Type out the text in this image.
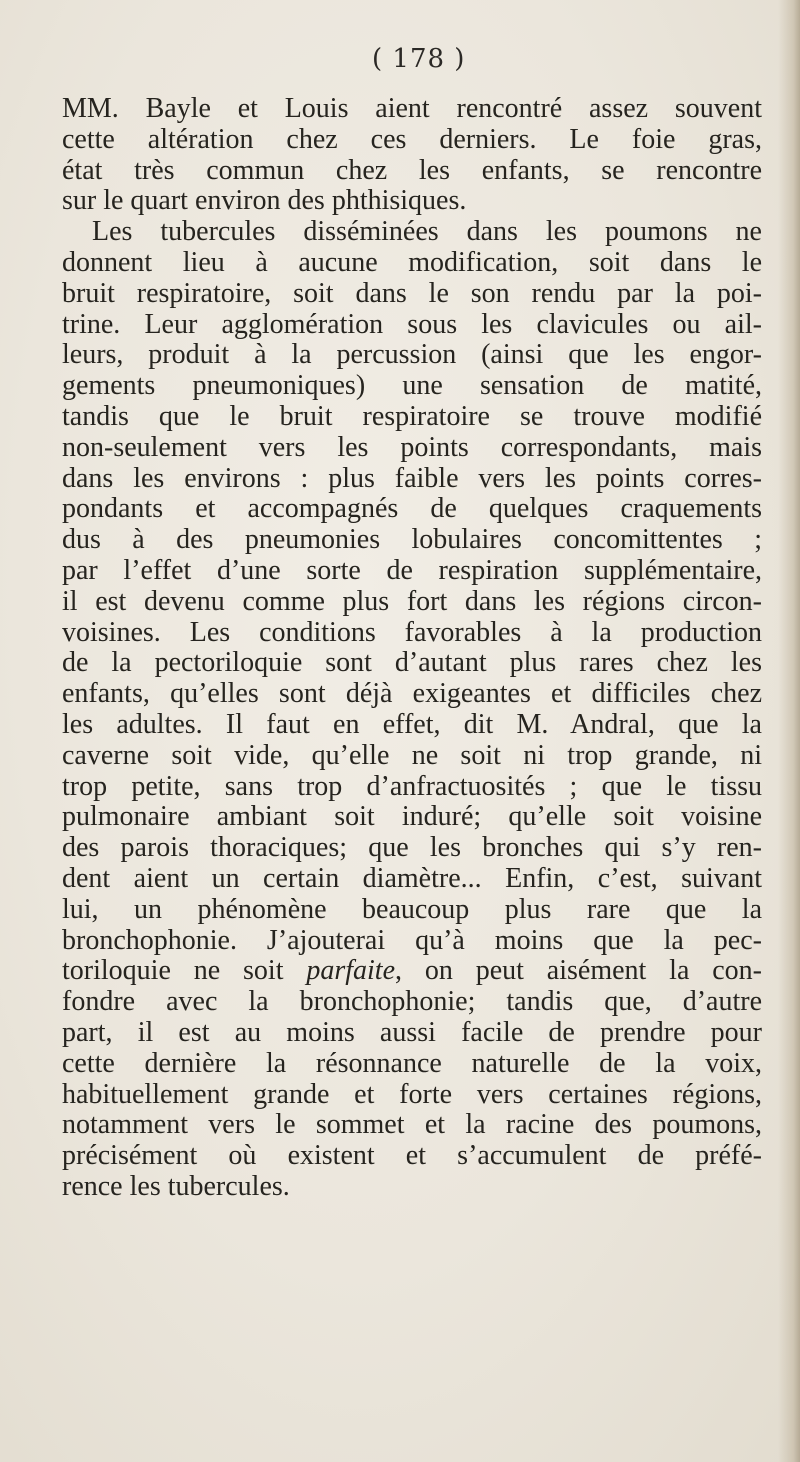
( 178 )
MM. Bayle et Louis aient rencontré assez souvent
cette altération chez ces derniers. Le foie gras,
état très commun chez les enfants, se rencontre
sur le quart environ des phthisiques.
Les tubercules disséminées dans les poumons ne
donnent lieu à aucune modification, soit dans le
bruit respiratoire, soit dans le son rendu par la poi-
trine. Leur agglomération sous les clavicules ou ail-
leurs, produit à la percussion (ainsi que les engor-
gements pneumoniques) une sensation de matité,
tandis que le bruit respiratoire se trouve modifié
non-seulement vers les points correspondants, mais
dans les environs : plus faible vers les points corres-
pondants et accompagnés de quelques craquements
dus à des pneumonies lobulaires concomittentes ;
par l’effet d’une sorte de respiration supplémentaire,
il est devenu comme plus fort dans les régions circon-
voisines. Les conditions favorables à la production
de la pectoriloquie sont d’autant plus rares chez les
enfants, qu’elles sont déjà exigeantes et difficiles chez
les adultes. Il faut en effet, dit M. Andral, que la
caverne soit vide, qu’elle ne soit ni trop grande, ni
trop petite, sans trop d’anfractuosités ; que le tissu
pulmonaire ambiant soit induré; qu’elle soit voisine
des parois thoraciques; que les bronches qui s’y ren-
dent aient un certain diamètre... Enfin, c’est, suivant
lui, un phénomène beaucoup plus rare que la
bronchophonie. J’ajouterai qu’à moins que la pec-
toriloquie ne soit parfaite, on peut aisément la con-
fondre avec la bronchophonie; tandis que, d’autre
part, il est au moins aussi facile de prendre pour
cette dernière la résonnance naturelle de la voix,
habituellement grande et forte vers certaines régions,
notamment vers le sommet et la racine des poumons,
précisément où existent et s’accumulent de préfé-
rence les tubercules.
